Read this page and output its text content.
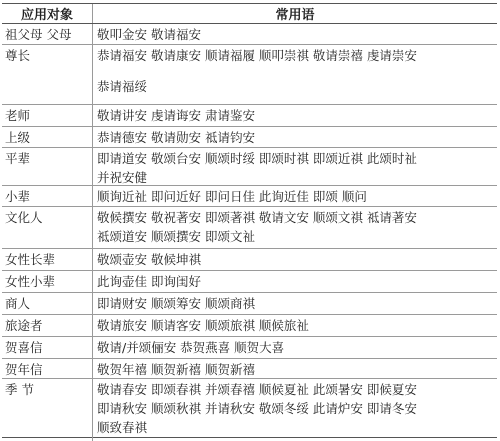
应用对象	常用语
祖父母 父母	敬叩金安 敬请福安
尊长	恭请福安 敬请康安 顺请福履 顺叩崇祺 敬请崇禧 虔请崇安
恭请福绥
老师	敬请讲安 虔请诲安 肃请鉴安
上级	恭请德安 敬请勋安 祗请钧安
平辈	即请道安 敬颂台安 顺颂时绥 即颂时祺 即颂近祺 此颂时祉
并祝安健
小辈	顺询近祉 即问近好 即问日佳 此询近佳 即颂 顺问
文化人	敬候撰安 敬祝著安 即颂著祺 敬请文安 顺颂文祺 祗请著安
祗颂道安 顺颂撰安 即颂文祉
女性长辈	敬颂壶安 敬候坤祺
女性小辈	此询壶佳 即询闺好
商人	即请财安 顺颂筹安 顺颂商祺
旅途者	敬请旅安 顺请客安 顺颂旅祺 顺候旅祉
贺喜信	敬请/并颂俪安 恭贺燕喜 顺贺大喜
贺年信	敬贺年禧 顺贺新禧 顺贺新禧
季 节	敬请春安 即颂春祺 并颂春禧 顺候夏祉 此颂暑安 即候夏安
即请秋安 顺颂秋祺 并请秋安 敬颂冬绥 此请炉安 即请冬安
顺致春祺
